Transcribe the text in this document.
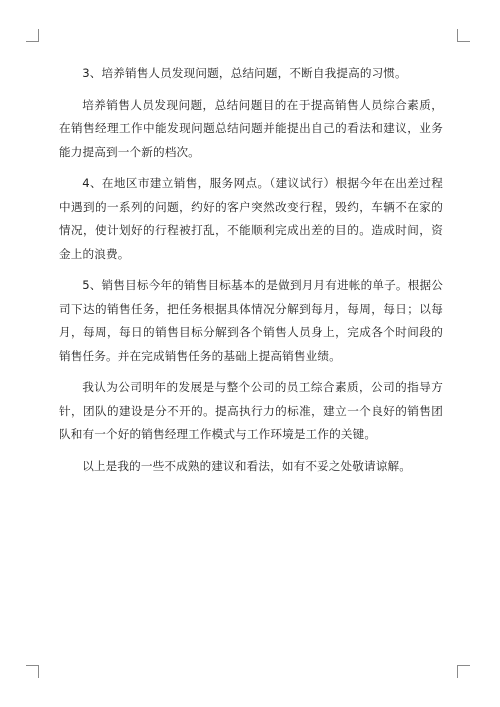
3、培养销售人员发现问题，总结问题，不断自我提高的习惯。

培养销售人员发现问题，总结问题目的在于提高销售人员综合素质，在销售经理工作中能发现问题总结问题并能提出自己的看法和建议，业务能力提高到一个新的档次。

4、在地区市建立销售，服务网点。（建议试行）根据今年在出差过程中遇到的一系列的问题，约好的客户突然改变行程，毁约，车辆不在家的情况，使计划好的行程被打乱，不能顺利完成出差的目的。造成时间，资金上的浪费。

5、销售目标今年的销售目标基本的是做到月月有进帐的单子。根据公司下达的销售任务，把任务根据具体情况分解到每月，每周，每日；以每月，每周，每日的销售目标分解到各个销售人员身上，完成各个时间段的销售任务。并在完成销售任务的基础上提高销售业绩。

我认为公司明年的发展是与整个公司的员工综合素质，公司的指导方针，团队的建设是分不开的。提高执行力的标准，建立一个良好的销售团队和有一个好的销售经理工作模式与工作环境是工作的关键。

以上是我的一些不成熟的建议和看法，如有不妥之处敬请谅解。
